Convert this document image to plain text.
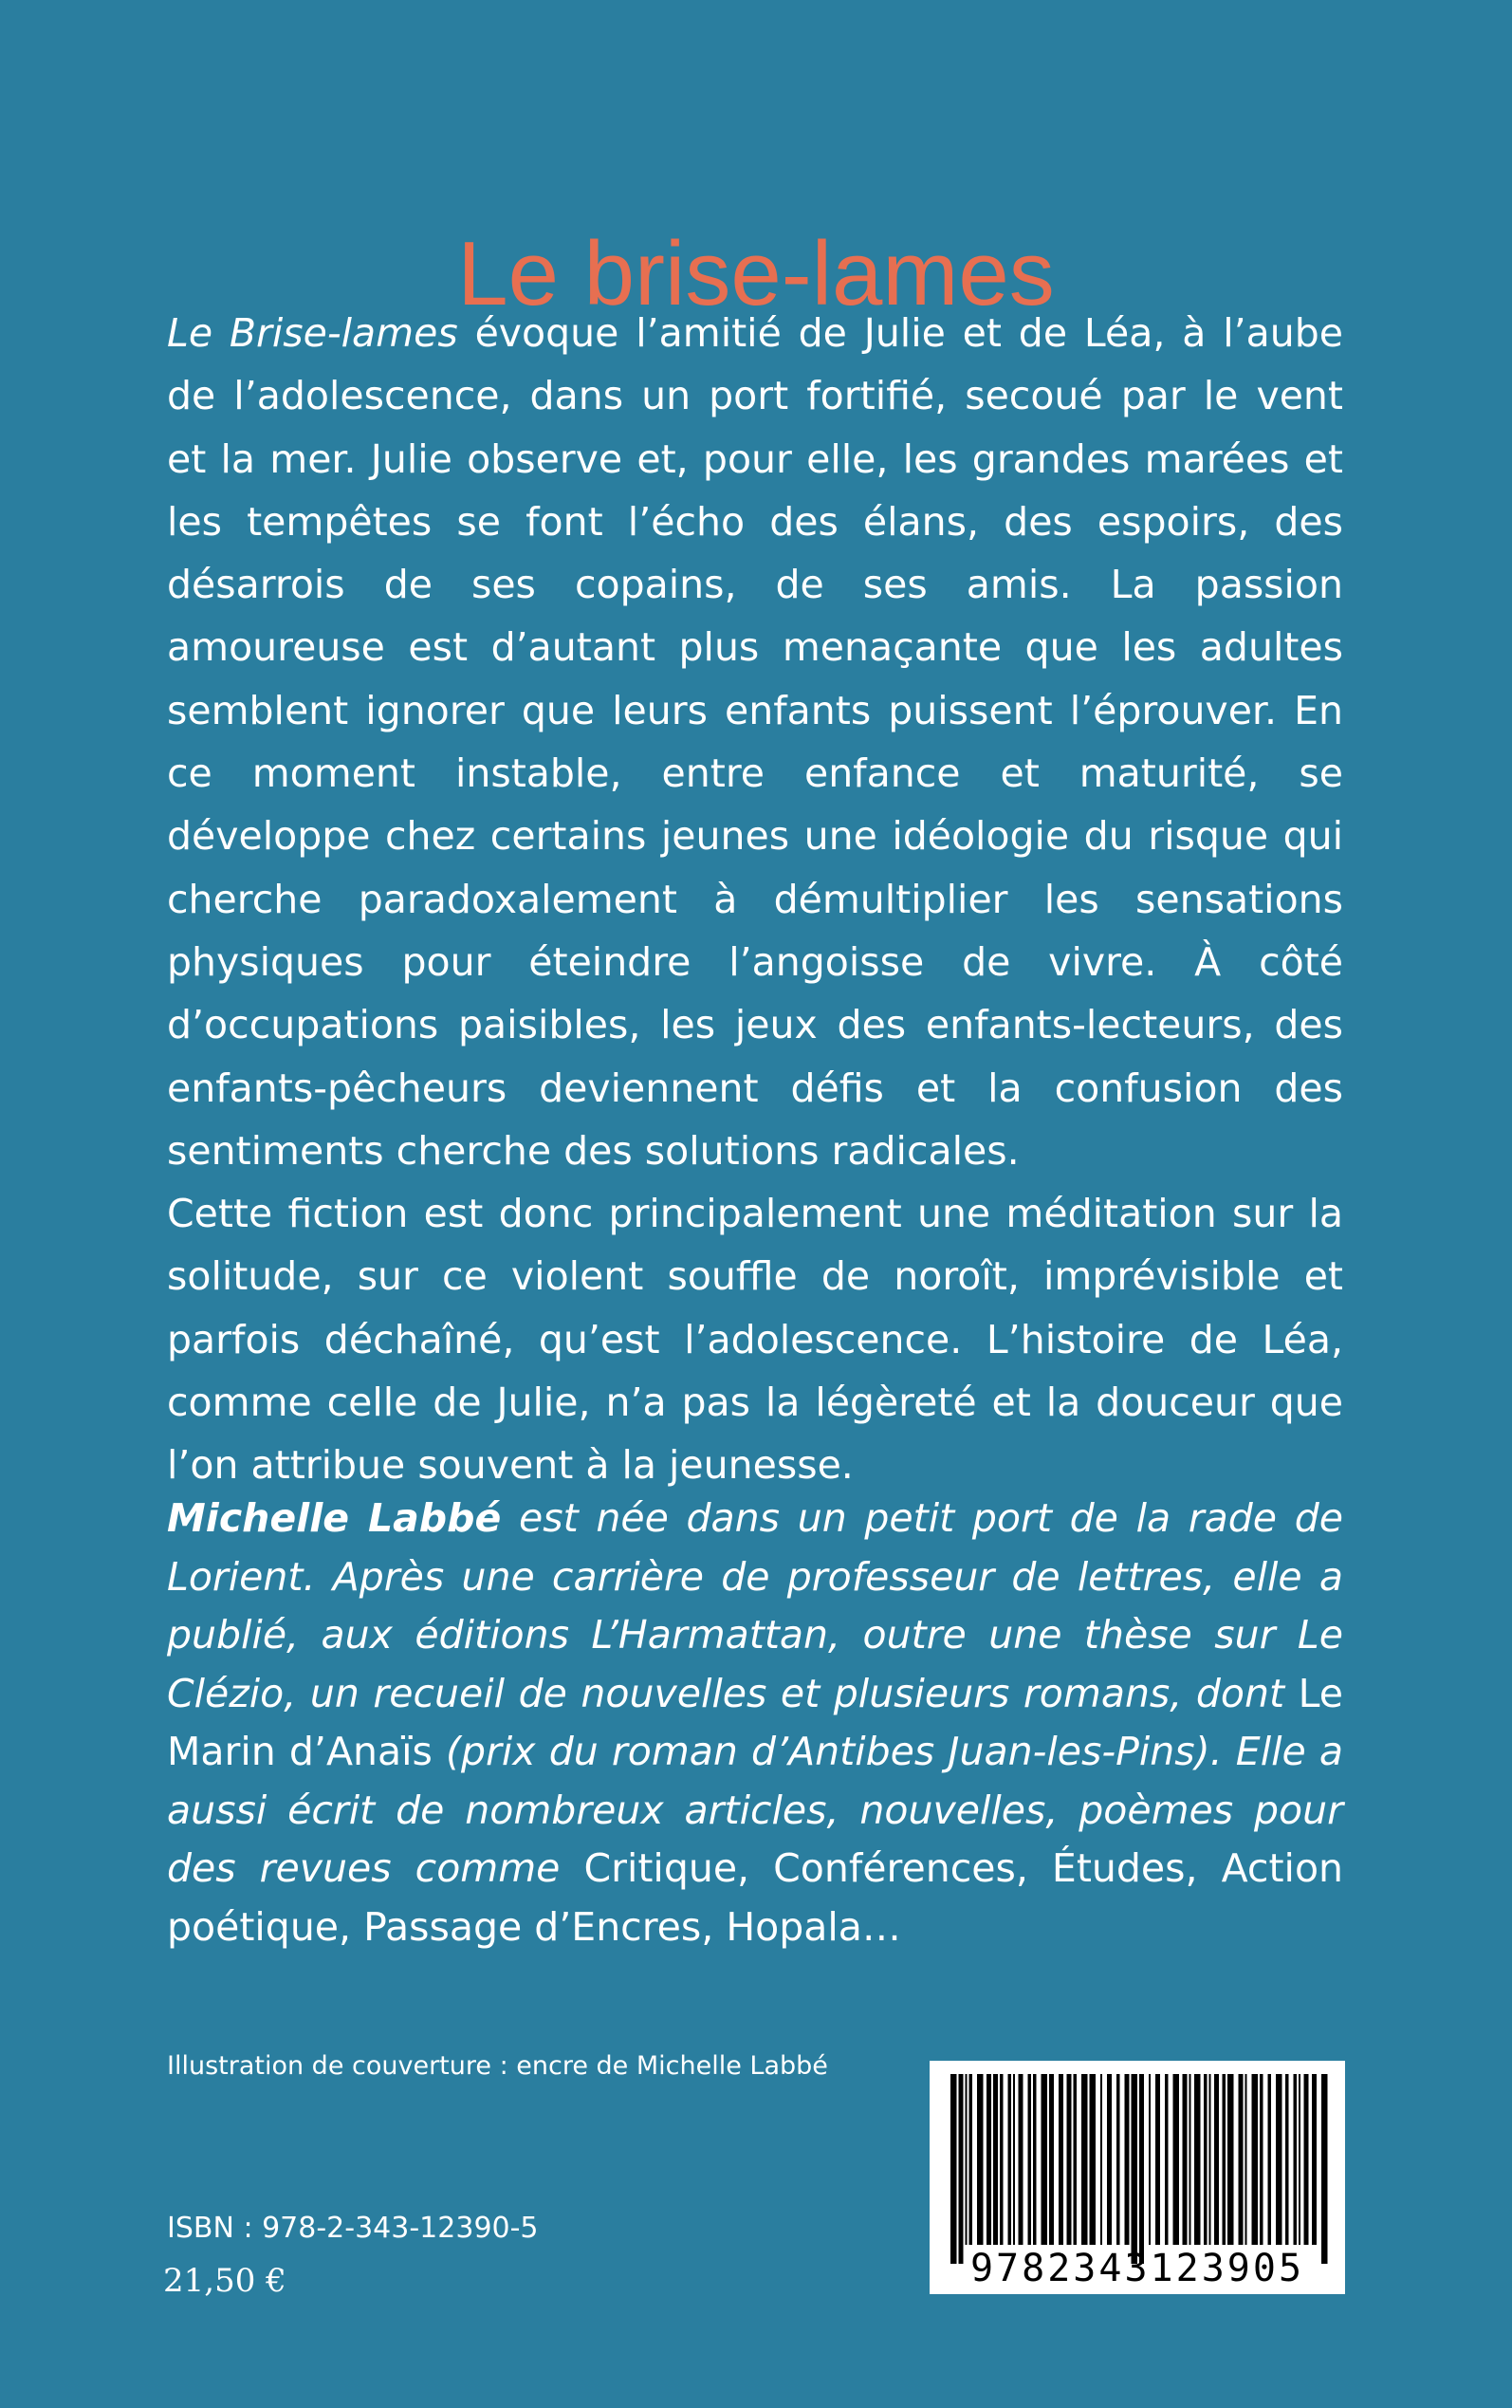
Le brise-lames

Le Brise-lames évoque l’amitié de Julie et de Léa, à l’aube de l’adolescence, dans un port fortifié, secoué par le vent et la mer. Julie observe et, pour elle, les grandes marées et les tempêtes se font l’écho des élans, des espoirs, des désarrois de ses copains, de ses amis. La passion amoureuse est d’autant plus menaçante que les adultes semblent ignorer que leurs enfants puissent l’éprouver. En ce moment instable, entre enfance et maturité, se développe chez certains jeunes une idéologie du risque qui cherche paradoxalement à démultiplier les sensations physiques pour éteindre l’angoisse de vivre. À côté d’occupations paisibles, les jeux des enfants-lecteurs, des enfants-pêcheurs deviennent défis et la confusion des sentiments cherche des solutions radicales.

Cette fiction est donc principalement une méditation sur la solitude, sur ce violent souffle de noroît, imprévisible et parfois déchaîné, qu’est l’adolescence. L’histoire de Léa, comme celle de Julie, n’a pas la légèreté et la douceur que l’on attribue souvent à la jeunesse.

Michelle Labbé est née dans un petit port de la rade de Lorient. Après une carrière de professeur de lettres, elle a publié, aux éditions L’Harmattan, outre une thèse sur Le Clézio, un recueil de nouvelles et plusieurs romans, dont Le Marin d’Anaïs (prix du roman d’Antibes Juan-les-Pins). Elle a aussi écrit de nombreux articles, nouvelles, poèmes pour des revues comme Critique, Conférences, Études, Action poétique, Passage d’Encres, Hopala…

Illustration de couverture : encre de Michelle Labbé
ISBN : 978-2-343-12390-5
21,50 €	9782343123905
